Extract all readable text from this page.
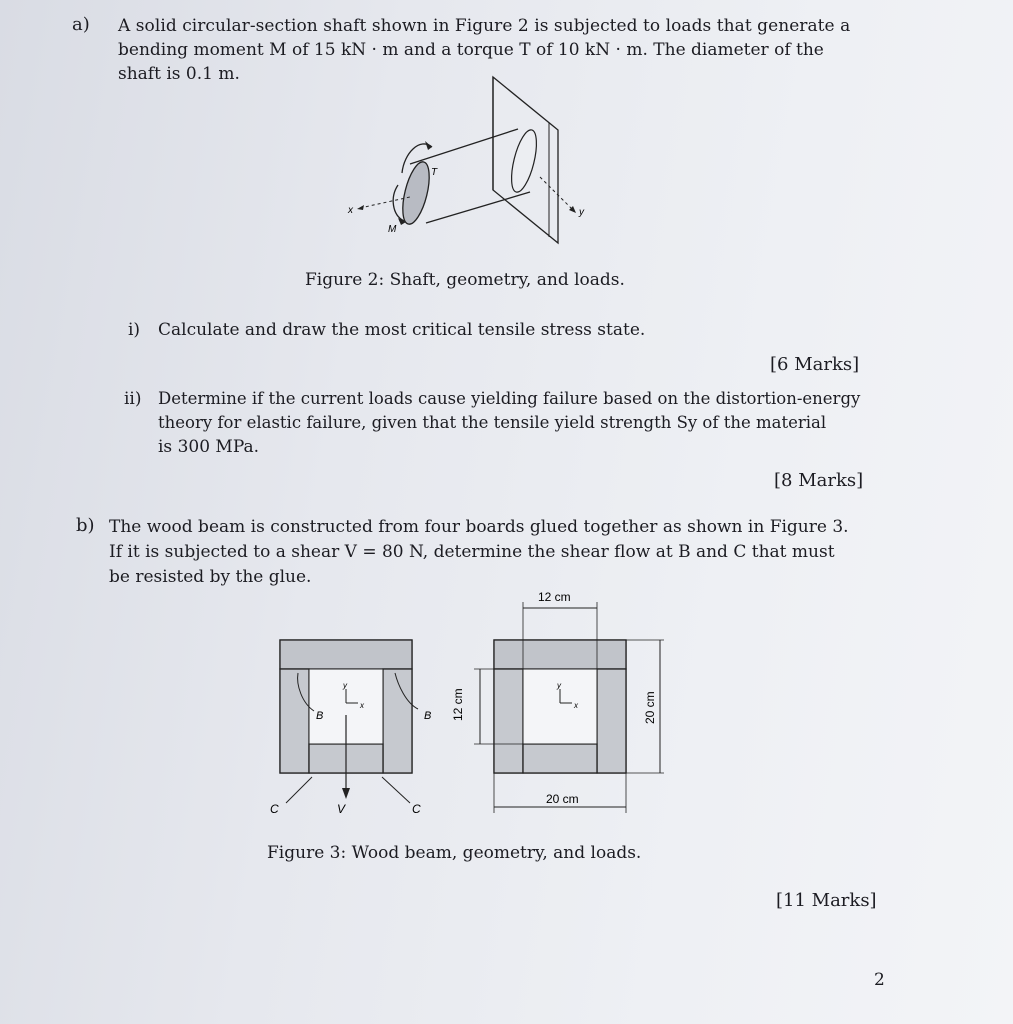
a) A solid circular-section shaft shown in Figure 2 is subjected to loads that generate a
bending moment M of 15 kN · m and a torque T of 10 kN · m. The diameter of the
shaft is 0.1 m.
T
M
x	y
Figure 2: Shaft, geometry, and loads.
i) Calculate and draw the most critical tensile stress state.
[6 Marks]
ii) Determine if the current loads cause yielding failure based on the distortion-energy
theory for elastic failure, given that the tensile yield strength Sy of the material
is 300 MPa.
[8 Marks]
b) The wood beam is constructed from four boards glued together as shown in Figure 3.
If it is subjected to a shear V = 80 N, determine the shear flow at B and C that must
be resisted by the glue.
y
x
B	B
V
C	C
y
x
12 cm
12 cm	20 cm
20 cm
Figure 3: Wood beam, geometry, and loads.
[11 Marks]
2
